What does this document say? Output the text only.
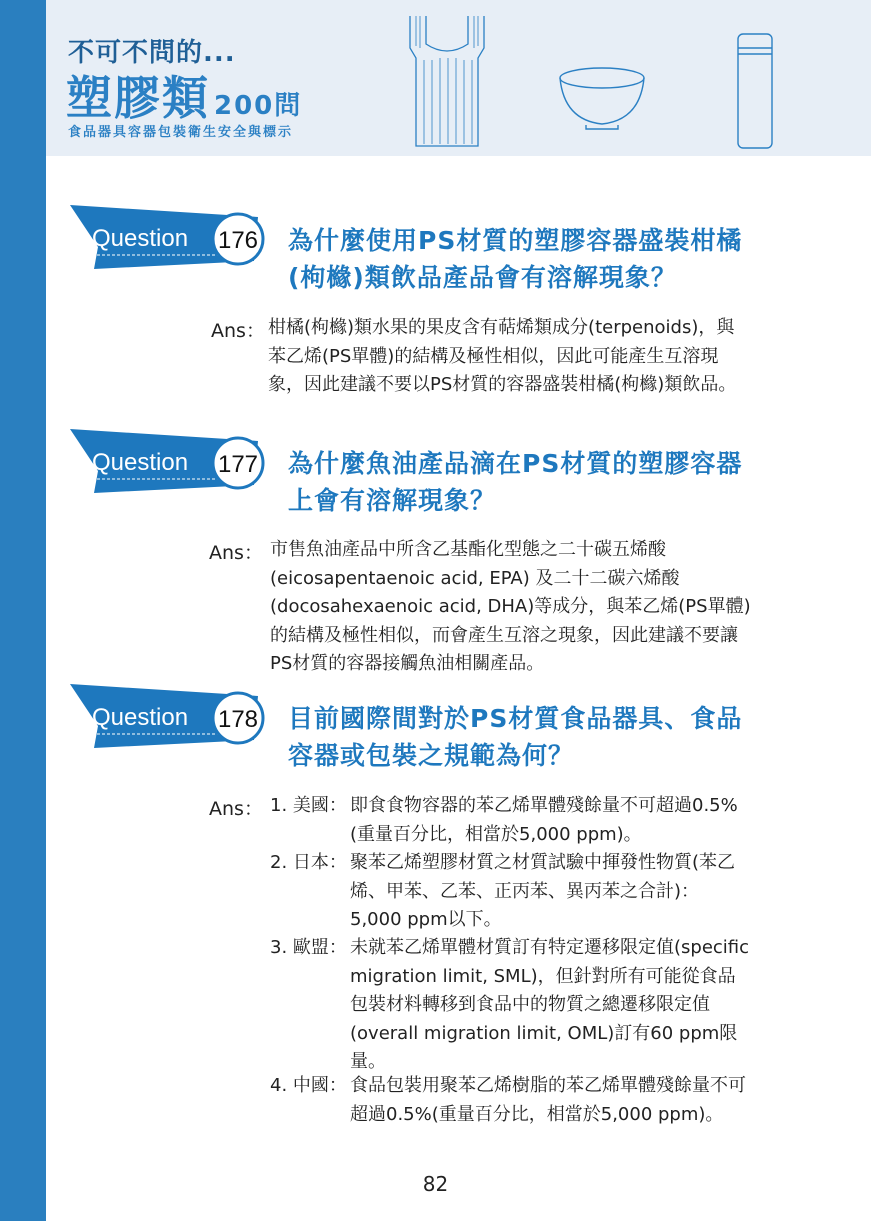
不可不問的...
塑膠類 200問
食品器具容器包裝衛生安全與標示
Question 176 為什麼使用PS材質的塑膠容器盛裝柑橘(枸櫞)類飲品產品會有溶解現象？
Ans： 柑橘(枸櫞)類水果的果皮含有萜烯類成分(terpenoids)，與苯乙烯(PS單體)的結構及極性相似，因此可能產生互溶現象，因此建議不要以PS材質的容器盛裝柑橘(枸櫞)類飲品。
Question 177 為什麼魚油產品滴在PS材質的塑膠容器上會有溶解現象？
Ans： 市售魚油產品中所含乙基酯化型態之二十碳五烯酸(eicosapentaenoic acid, EPA) 及二十二碳六烯酸(docosahexaenoic acid, DHA)等成分，與苯乙烯(PS單體)的結構及極性相似，而會產生互溶之現象，因此建議不要讓PS材質的容器接觸魚油相關產品。
Question 178 目前國際間對於PS材質食品器具、食品容器或包裝之規範為何？
Ans： 1. 美國： 即食食物容器的苯乙烯單體殘餘量不可超過0.5%(重量百分比，相當於5,000 ppm)。
2. 日本： 聚苯乙烯塑膠材質之材質試驗中揮發性物質(苯乙烯、甲苯、乙苯、正丙苯、異丙苯之合計)：5,000 ppm以下。
3. 歐盟： 未就苯乙烯單體材質訂有特定遷移限定值(specific migration limit, SML)，但針對所有可能從食品包裝材料轉移到食品中的物質之總遷移限定值(overall migration limit, OML)訂有60 ppm限量。
4. 中國： 食品包裝用聚苯乙烯樹脂的苯乙烯單體殘餘量不可超過0.5%(重量百分比，相當於5,000 ppm)。
82
